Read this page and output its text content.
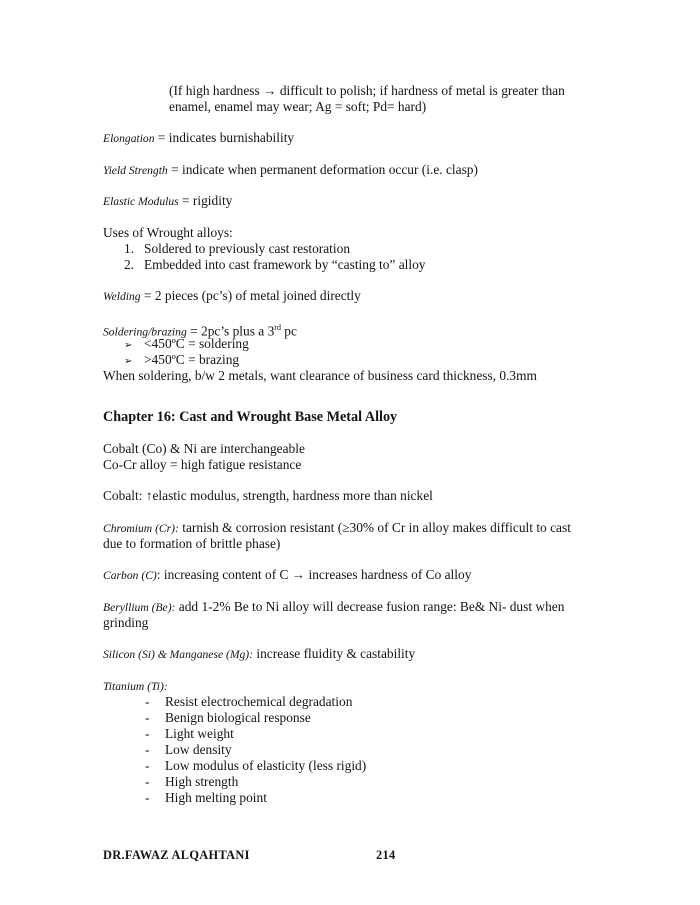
(If high hardness → difficult to polish; if hardness of metal is greater than
enamel, enamel may wear; Ag = soft; Pd= hard)
Elongation = indicates burnishability
Yield Strength = indicate when permanent deformation occur (i.e. clasp)
Elastic Modulus = rigidity
Uses of Wrought alloys:
1. Soldered to previously cast restoration
2. Embedded into cast framework by “casting to” alloy
Welding = 2 pieces (pc’s) of metal joined directly
Soldering/brazing = 2pc’s plus a 3rd pc
➢ <450ºC = soldering
➢ >450ºC = brazing
When soldering, b/w 2 metals, want clearance of business card thickness, 0.3mm
Chapter 16: Cast and Wrought Base Metal Alloy
Cobalt (Co) & Ni are interchangeable
Co-Cr alloy = high fatigue resistance
Cobalt: ↑elastic modulus, strength, hardness more than nickel
Chromium (Cr): tarnish & corrosion resistant (≥30% of Cr in alloy makes difficult to cast
due to formation of brittle phase)
Carbon (C): increasing content of C → increases hardness of Co alloy
Beryllium (Be): add 1-2% Be to Ni alloy will decrease fusion range: Be& Ni- dust when
grinding
Silicon (Si) & Manganese (Mg): increase fluidity & castability
Titanium (Ti):
- Resist electrochemical degradation
- Benign biological response
- Light weight
- Low density
- Low modulus of elasticity (less rigid)
- High strength
- High melting point
DR.FAWAZ ALQAHTANI	214
